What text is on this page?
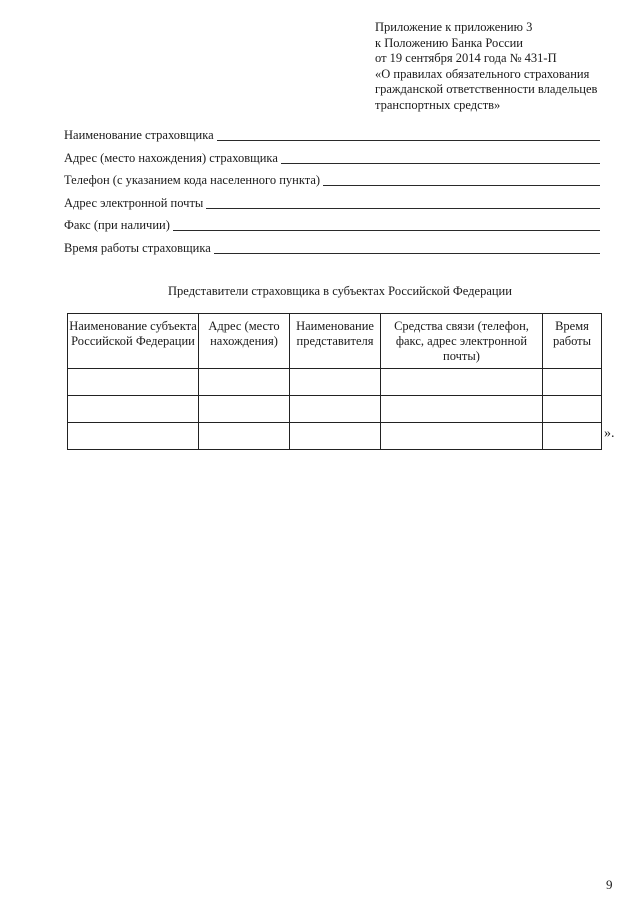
Приложение к приложению 3
к Положению Банка России
от 19 сентября 2014 года № 431-П
«О правилах обязательного страхования
гражданской ответственности владельцев
транспортных средств»
Наименование страховщика
Адрес (место нахождения) страховщика
Телефон (с указанием кода населенного пункта)
Адрес электронной почты
Факс (при наличии)
Время работы страховщика
Представители страховщика в субъектах Российской Федерации
Наименование субъекта Российской Федерации	Адрес (место нахождения)	Наименование представителя	Средства связи (телефон, факс, адрес электронной почты)	Время работы

».
9
